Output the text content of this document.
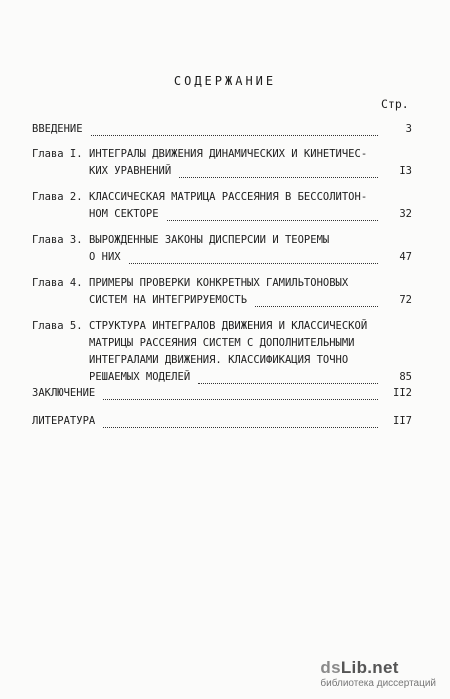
СОДЕРЖАНИЕ
Стр.
ВВЕДЕНИЕ	3
Глава I. ИНТЕГРАЛЫ ДВИЖЕНИЯ ДИНАМИЧЕСКИХ И КИНЕТИЧЕС-
КИХ УРАВНЕНИЙ	I3
Глава 2. КЛАССИЧЕСКАЯ МАТРИЦА РАССЕЯНИЯ В БЕССОЛИТОН-
НОМ СЕКТОРЕ	32
Глава 3. ВЫРОЖДЕННЫЕ ЗАКОНЫ ДИСПЕРСИИ И ТЕОРЕМЫ
О НИХ	47
Глава 4. ПРИМЕРЫ ПРОВЕРКИ КОНКРЕТНЫХ ГАМИЛЬТОНОВЫХ
СИСТЕМ НА ИНТЕГРИРУЕМОСТЬ	72
Глава 5. СТРУКТУРА ИНТЕГРАЛОВ ДВИЖЕНИЯ И КЛАССИЧЕСКОЙ
МАТРИЦЫ РАССЕЯНИЯ СИСТЕМ С ДОПОЛНИТЕЛЬНЫМИ
ИНТЕГРАЛАМИ ДВИЖЕНИЯ. КЛАССИФИКАЦИЯ ТОЧНО
РЕШАЕМЫХ МОДЕЛЕЙ	85
ЗАКЛЮЧЕНИЕ	II2
ЛИТЕРАТУРА	II7
dsLib.net
библиотека диссертаций
